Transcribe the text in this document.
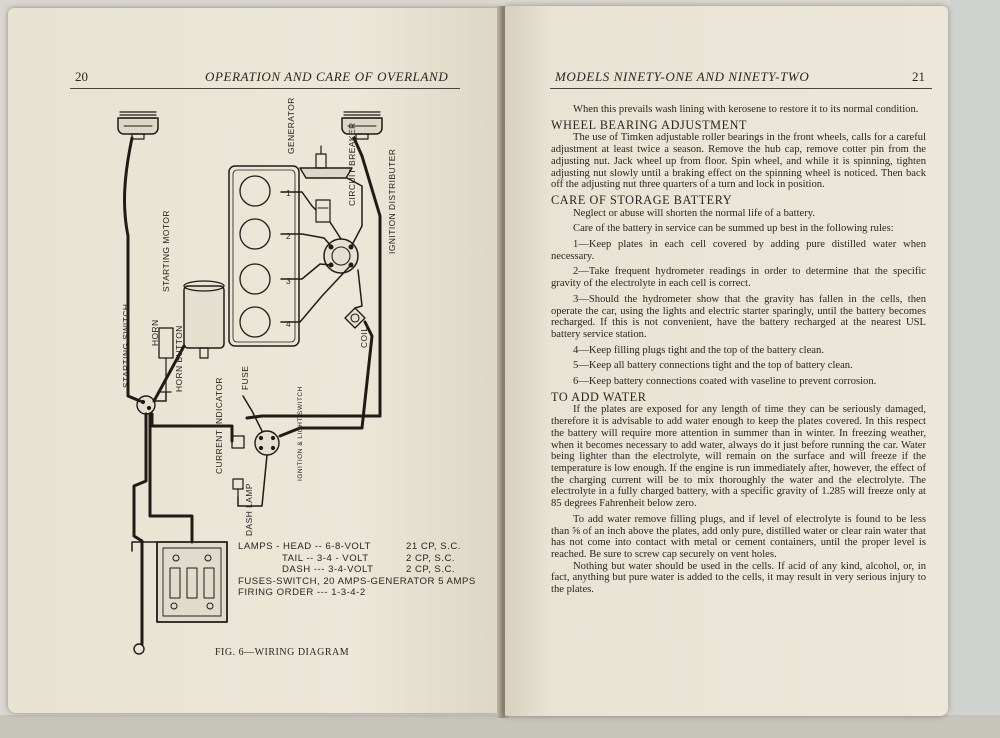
20	OPERATION AND CARE OF OVERLAND
GENERATOR	CIRCUIT BREAKER	IGNITION DISTRIBUTER
STARTING MOTOR
STARTING SWITCH HORN HORN BUTTON	FUSE
COIL
CURRENT INDICATOR	IGNITION & LIGHT SWITCH
DASH LAMP
1
2
3
4
LAMPS - HEAD -- 6-8-VOLT	21 CP, S.C.
TAIL -- 3-4 - VOLT	2 CP, S.C.
DASH --- 3-4-VOLT	2 CP, S.C.
FUSES-SWITCH, 20 AMPS-GENERATOR 5 AMPS
FIRING ORDER --- 1-3-4-2
FIG. 6—WIRING DIAGRAM
MODELS NINETY-ONE AND NINETY-TWO	21

When this prevails wash lining with kerosene to restore it to its normal condition.

WHEEL BEARING ADJUSTMENT

The use of Timken adjustable roller bearings in the front wheels, calls for a careful adjustment at least twice a season. Remove the hub cap, remove cotter pin from the adjusting nut. Jack wheel up from floor. Spin wheel, and while it is spinning, tighten adjusting nut slowly until a braking effect on the spinning wheel is noticed. Then back off the adjusting nut three quarters of a turn and lock in position.

CARE OF STORAGE BATTERY

Neglect or abuse will shorten the normal life of a battery.

Care of the battery in service can be summed up best in the following rules:

1—Keep plates in each cell covered by adding pure distilled water when necessary.

2—Take frequent hydrometer readings in order to determine that the specific gravity of the electrolyte in each cell is correct.

3—Should the hydrometer show that the gravity has fallen in the cells, then operate the car, using the lights and electric starter sparingly, until the battery becomes recharged. If this is not convenient, have the battery recharged at the nearest USL battery service station.

4—Keep filling plugs tight and the top of the battery clean.

5—Keep all battery connections tight and the top of battery clean.

6—Keep battery connections coated with vaseline to prevent corrosion.

TO ADD WATER

If the plates are exposed for any length of time they can be seriously damaged, therefore it is advisable to add water enough to keep the plates covered. In this respect the battery will require more attention in summer than in winter. In freezing weather, when it becomes necessary to add water, always do it just before running the car. Water being lighter than the electrolyte, will remain on the surface and will freeze if the temperature is low enough. If the engine is run immediately after, however, the effect of the charging current will be to mix thoroughly the water and the electrolyte. The electrolyte in a fully charged battery, with a specific gravity of 1.285 will freeze only at 85 degrees Fahrenheit below zero.

To add water remove filling plugs, and if level of electrolyte is found to be less than ⅝ of an inch above the plates, add only pure, distilled water or clear rain water that has not come into contact with metal or cement containers, until the proper level is reached. Be sure to screw cap securely on vent holes.

Nothing but water should be used in the cells. If acid of any kind, alcohol, or, in fact, anything but pure water is added to the cells, it may result in very serious injury to the plates.
